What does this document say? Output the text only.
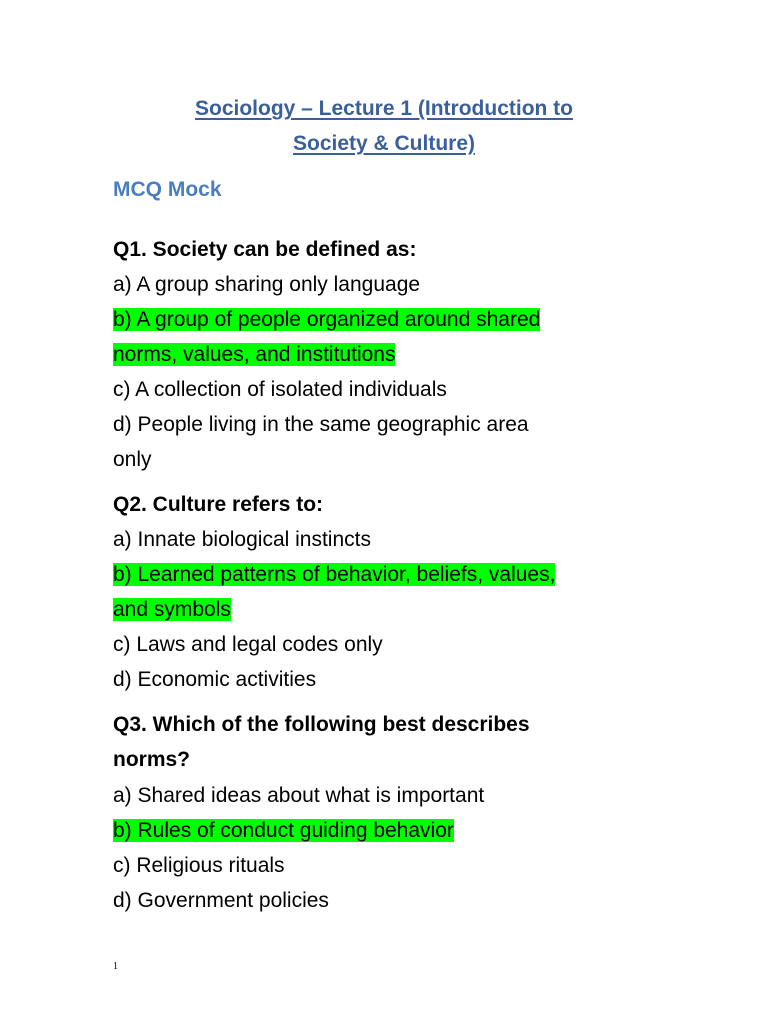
Sociology – Lecture 1 (Introduction to
Society & Culture)
MCQ Mock
Q1. Society can be defined as:
a) A group sharing only language
b) A group of people organized around shared
norms, values, and institutions
c) A collection of isolated individuals
d) People living in the same geographic area
only
Q2. Culture refers to:
a) Innate biological instincts
b) Learned patterns of behavior, beliefs, values,
and symbols
c) Laws and legal codes only
d) Economic activities
Q3. Which of the following best describes
norms?
a) Shared ideas about what is important
b) Rules of conduct guiding behavior
c) Religious rituals
d) Government policies
1
